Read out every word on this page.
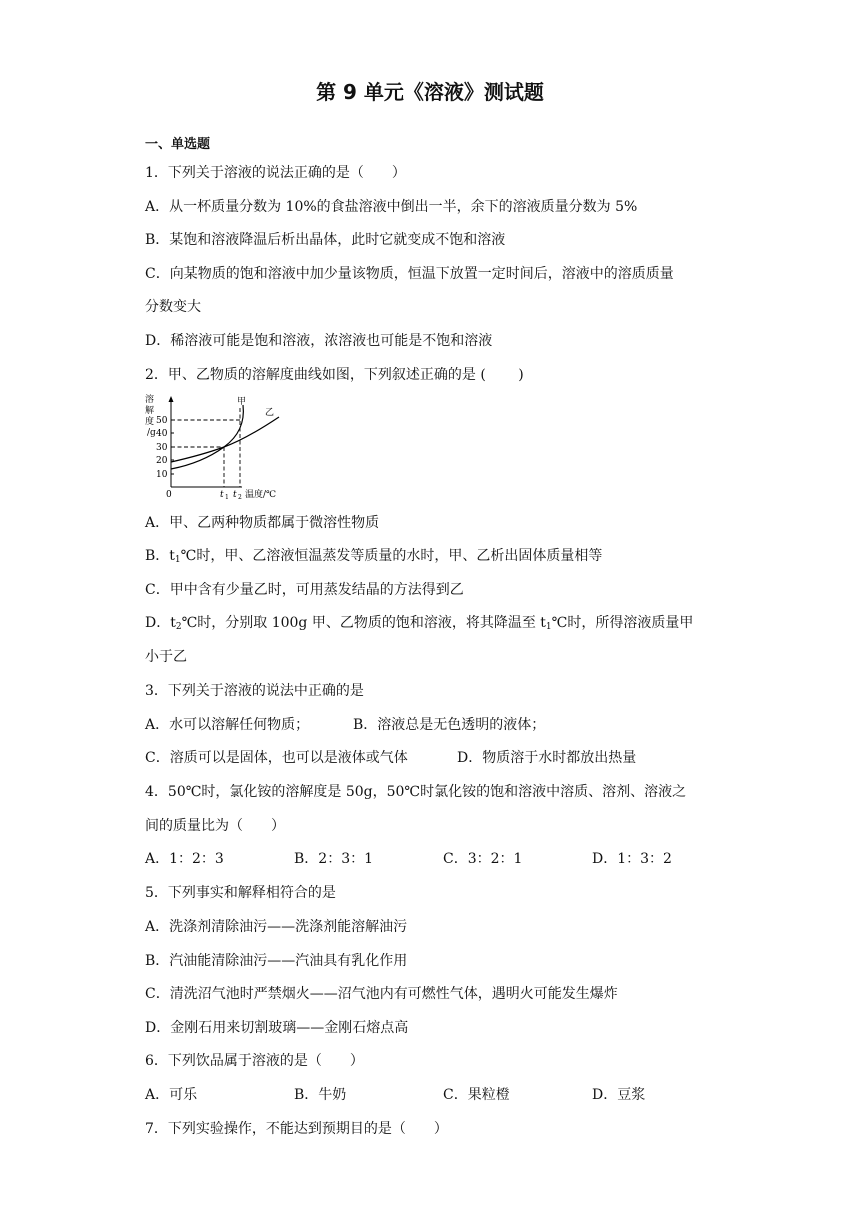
第 9 单元《溶液》测试题
一、单选题
1．下列关于溶液的说法正确的是（　　）
A．从一杯质量分数为 10%的食盐溶液中倒出一半，余下的溶液质量分数为 5%
B．某饱和溶液降温后析出晶体，此时它就变成不饱和溶液
C．向某物质的饱和溶液中加少量该物质，恒温下放置一定时间后，溶液中的溶质质量
分数变大
D．稀溶液可能是饱和溶液，浓溶液也可能是不饱和溶液
2．甲、乙物质的溶解度曲线如图，下列叙述正确的是 (　　 )
溶
解
度
/g
50
40
30
20
10
0	t 1 t 2 温度/℃
甲
乙
A．甲、乙两种物质都属于微溶性物质
B．$t_1℃$时，甲、乙溶液恒温蒸发等质量的水时，甲、乙析出固体质量相等
C．甲中含有少量乙时，可用蒸发结晶的方法得到乙
D．$t_2℃$时，分别取 100g 甲、乙物质的饱和溶液，将其降温至 $t_1℃$时，所得溶液质量甲
小于乙
3．下列关于溶液的说法中正确的是
A．水可以溶解任何物质；	B．溶液总是无色透明的液体；
C．溶质可以是固体，也可以是液体或气体	D．物质溶于水时都放出热量
4．50℃时，氯化铵的溶解度是 50g，50℃时氯化铵的饱和溶液中溶质、溶剂、溶液之
间的质量比为（　　）
A．1：2：3	B．2：3：1	C．3：2：1	D．1：3：2
5．下列事实和解释相符合的是
A．洗涤剂清除油污——洗涤剂能溶解油污
B．汽油能清除油污——汽油具有乳化作用
C．清洗沼气池时严禁烟火——沼气池内有可燃性气体，遇明火可能发生爆炸
D．金刚石用来切割玻璃——金刚石熔点高
6．下列饮品属于溶液的是（　　）
A．可乐	B．牛奶	C．果粒橙	D．豆浆
7．下列实验操作，不能达到预期目的是（　　）
